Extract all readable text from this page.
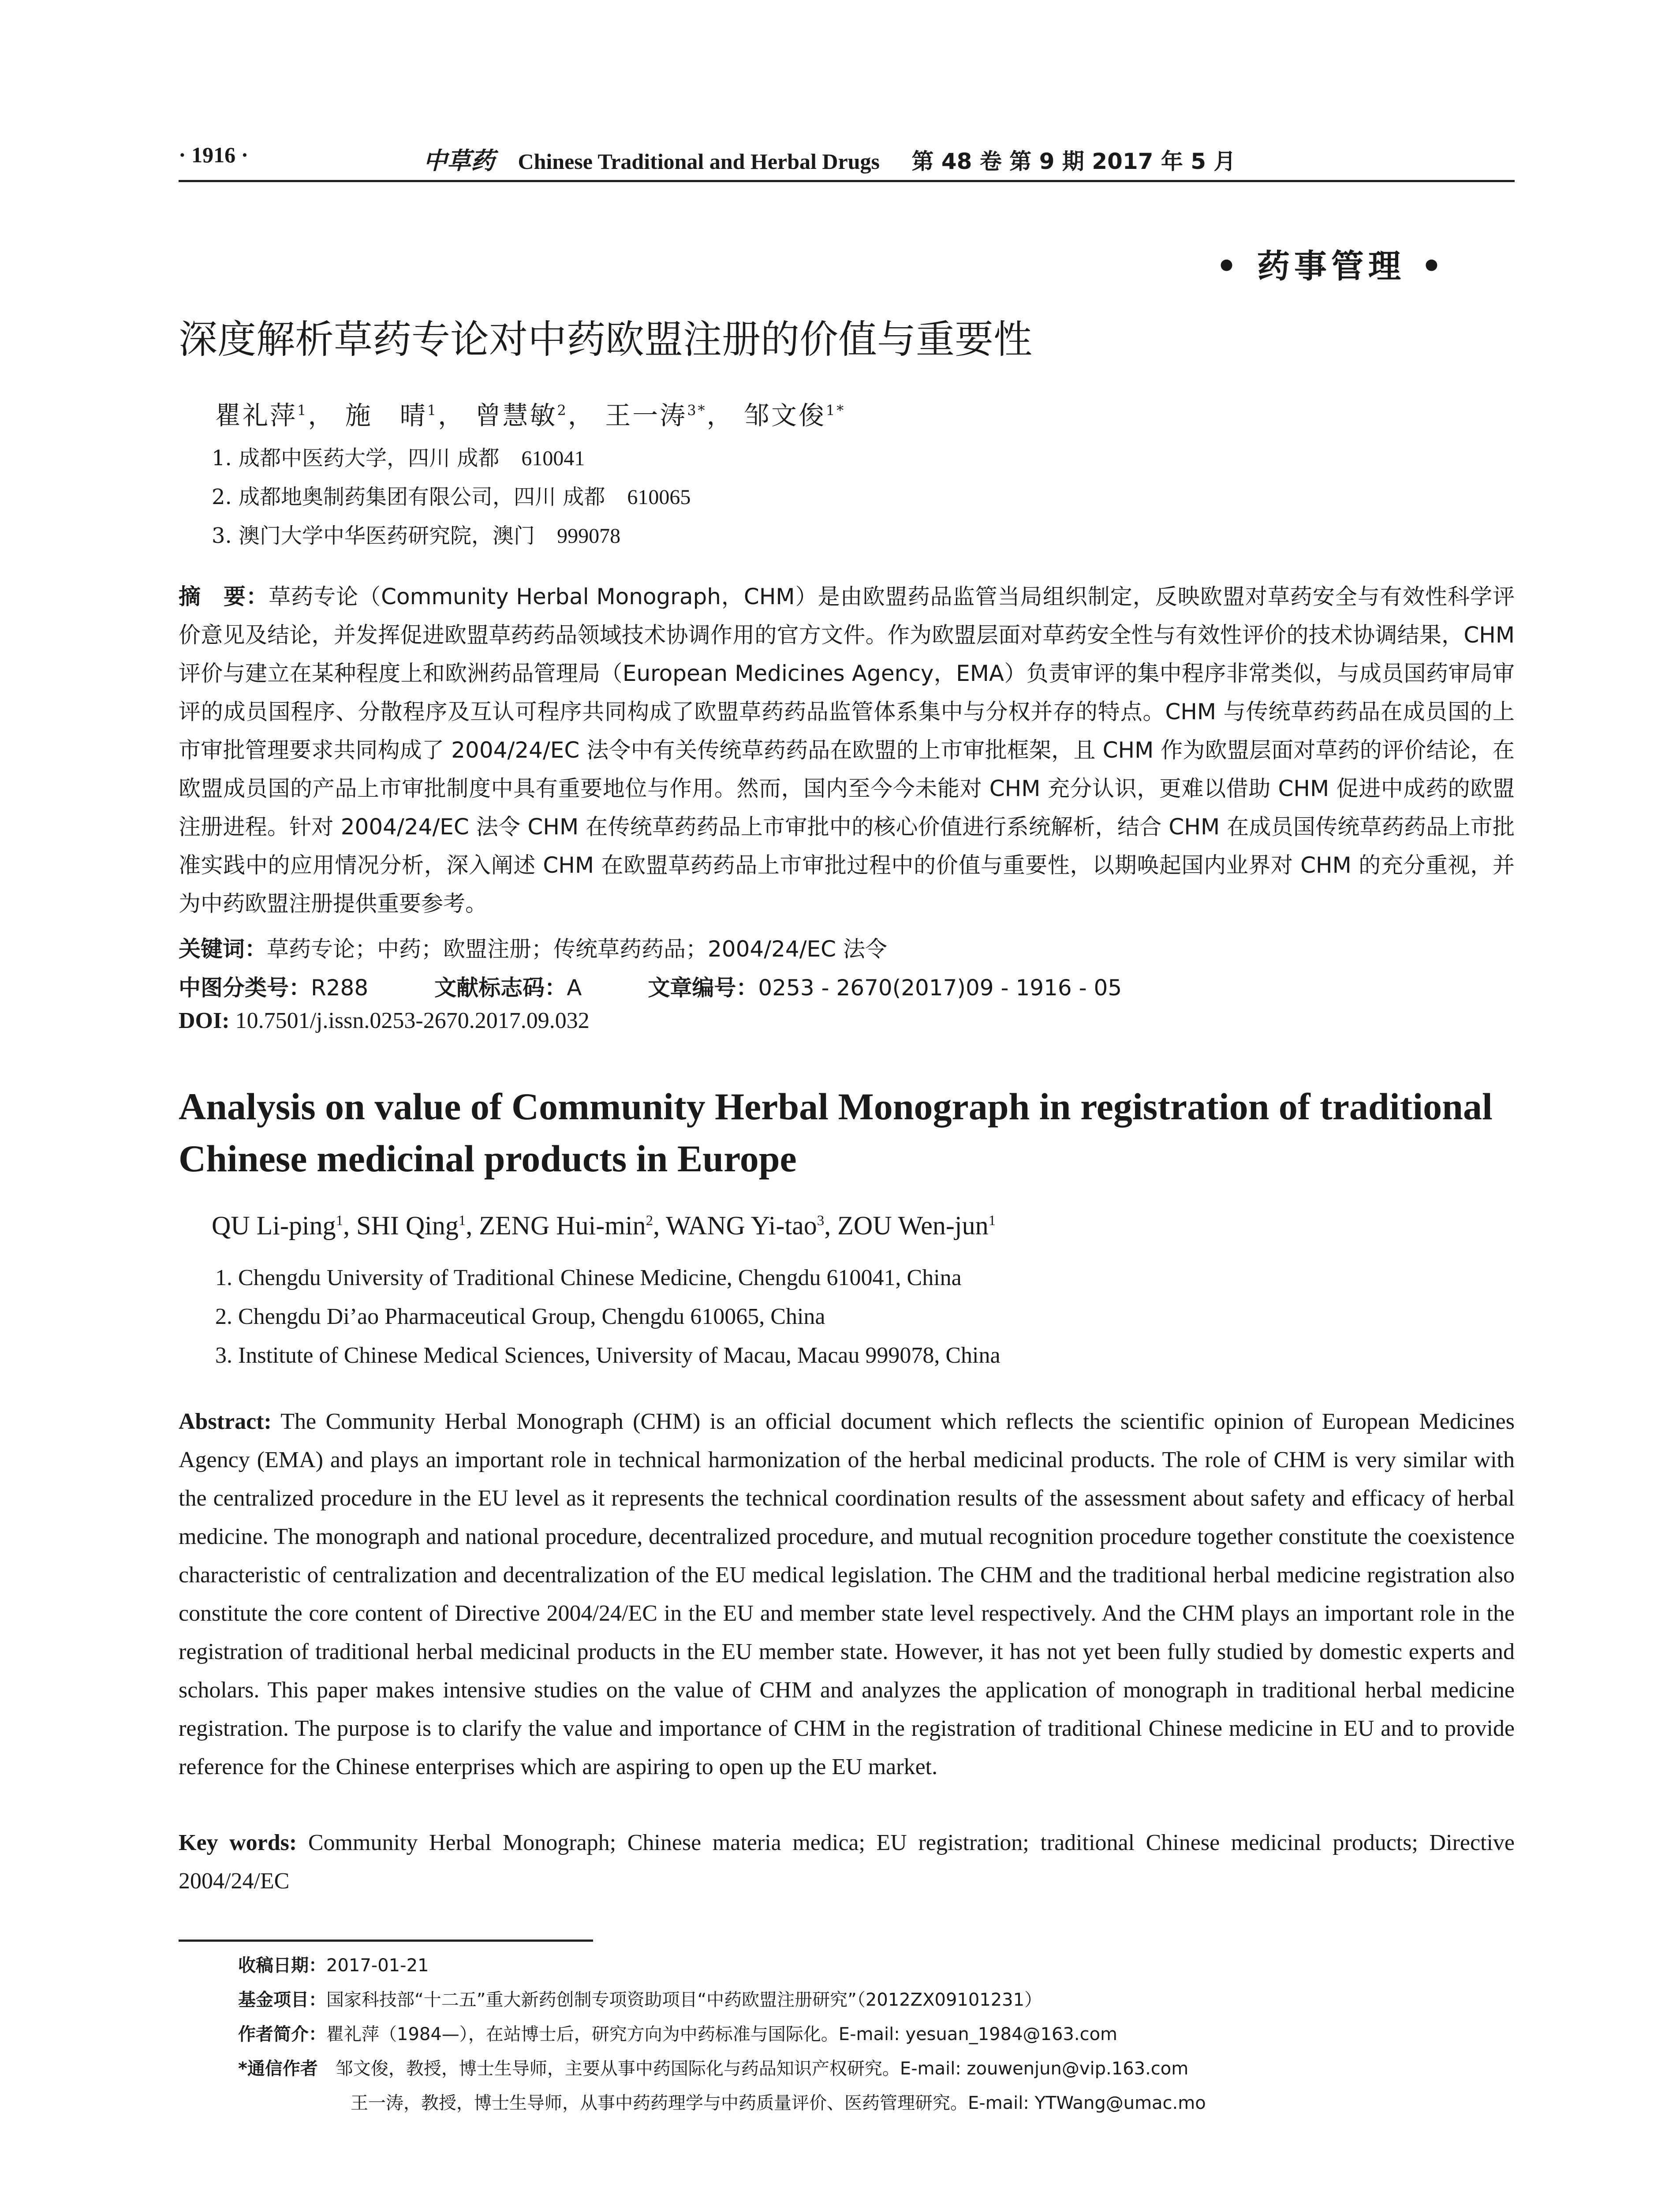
· 1916 ·	中草药 Chinese Traditional and Herbal Drugs 第 48 卷 第 9 期 2017 年 5 月
• 药事管理 •
深度解析草药专论对中药欧盟注册的价值与重要性
瞿礼萍$^1$， 施　晴$^1$， 曾慧敏$^2$， 王一涛$^{3*}$， 邹文俊$^{1*}$
1. 成都中医药大学，四川 成都 610041
2. 成都地奥制药集团有限公司，四川 成都 610065
3. 澳门大学中华医药研究院，澳门 999078
摘　要：草药专论（Community Herbal Monograph，CHM）是由欧盟药品监管当局组织制定，反映欧盟对草药安全与有效性科学评价意见及结论，并发挥促进欧盟草药药品领域技术协调作用的官方文件。作为欧盟层面对草药安全性与有效性评价的技术协调结果，CHM 评价与建立在某种程度上和欧洲药品管理局（European Medicines Agency，EMA）负责审评的集中程序非常类似，与成员国药审局审评的成员国程序、分散程序及互认可程序共同构成了欧盟草药药品监管体系集中与分权并存的特点。CHM 与传统草药药品在成员国的上市审批管理要求共同构成了 2004/24/EC 法令中有关传统草药药品在欧盟的上市审批框架，且 CHM 作为欧盟层面对草药的评价结论，在欧盟成员国的产品上市审批制度中具有重要地位与作用。然而，国内至今今未能对 CHM 充分认识，更难以借助 CHM 促进中成药的欧盟注册进程。针对 2004/24/EC 法令 CHM 在传统草药药品上市审批中的核心价值进行系统解析，结合 CHM 在成员国传统草药药品上市批准实践中的应用情况分析，深入阐述 CHM 在欧盟草药药品上市审批过程中的价值与重要性，以期唤起国内业界对 CHM 的充分重视，并为中药欧盟注册提供重要参考。
关键词：草药专论；中药；欧盟注册；传统草药药品；2004/24/EC 法令
中图分类号：R288	文献标志码：A	文章编号：0253 - 2670(2017)09 - 1916 - 05
DOI: 10.7501/j.issn.0253-2670.2017.09.032
Analysis on value of Community Herbal Monograph in registration of traditional Chinese medicinal products in Europe
QU Li-ping$^1$, SHI Qing$^1$, ZENG Hui-$\min^2$, WANG Yi-tao$^3$, ZOU Wen-jun$^1$
1. Chengdu University of Traditional Chinese Medicine, Chengdu 610041, China
2. Chengdu Di’ao Pharmaceutical Group, Chengdu 610065, China
3. Institute of Chinese Medical Sciences, University of Macau, Macau 999078, China
Abstract: The Community Herbal Monograph (CHM) is an official document which reflects the scientific opinion of European Medicines Agency (EMA) and plays an important role in technical harmonization of the herbal medicinal products. The role of CHM is very similar with the centralized procedure in the EU level as it represents the technical coordination results of the assessment about safety and efficacy of herbal medicine. The monograph and national procedure, decentralized procedure, and mutual recognition procedure together constitute the coexistence characteristic of centralization and decentralization of the EU medical legislation. The CHM and the traditional herbal medicine registration also constitute the core content of Directive 2004/24/EC in the EU and member state level respectively. And the CHM plays an important role in the registration of traditional herbal medicinal products in the EU member state. However, it has not yet been fully studied by domestic experts and scholars. This paper makes intensive studies on the value of CHM and analyzes the application of monograph in traditional herbal medicine registration. The purpose is to clarify the value and importance of CHM in the registration of traditional Chinese medicine in EU and to provide reference for the Chinese enterprises which are aspiring to open up the EU market.
Key words: Community Herbal Monograph; Chinese materia medica; EU registration; traditional Chinese medicinal products; Directive 2004/24/EC
收稿日期：2017-01-21
基金项目：国家科技部“十二五”重大新药创制专项资助项目“中药欧盟注册研究”（2012ZX09101231）
作者简介：瞿礼萍（1984—），在站博士后，研究方向为中药标准与国际化。E-mail: yesuan_1984@163.com
*通信作者　邹文俊，教授，博士生导师，主要从事中药国际化与药品知识产权研究。E-mail: zouwenjun@vip.163.com
王一涛，教授，博士生导师，从事中药药理学与中药质量评价、医药管理研究。E-mail: YTWang@umac.mo
